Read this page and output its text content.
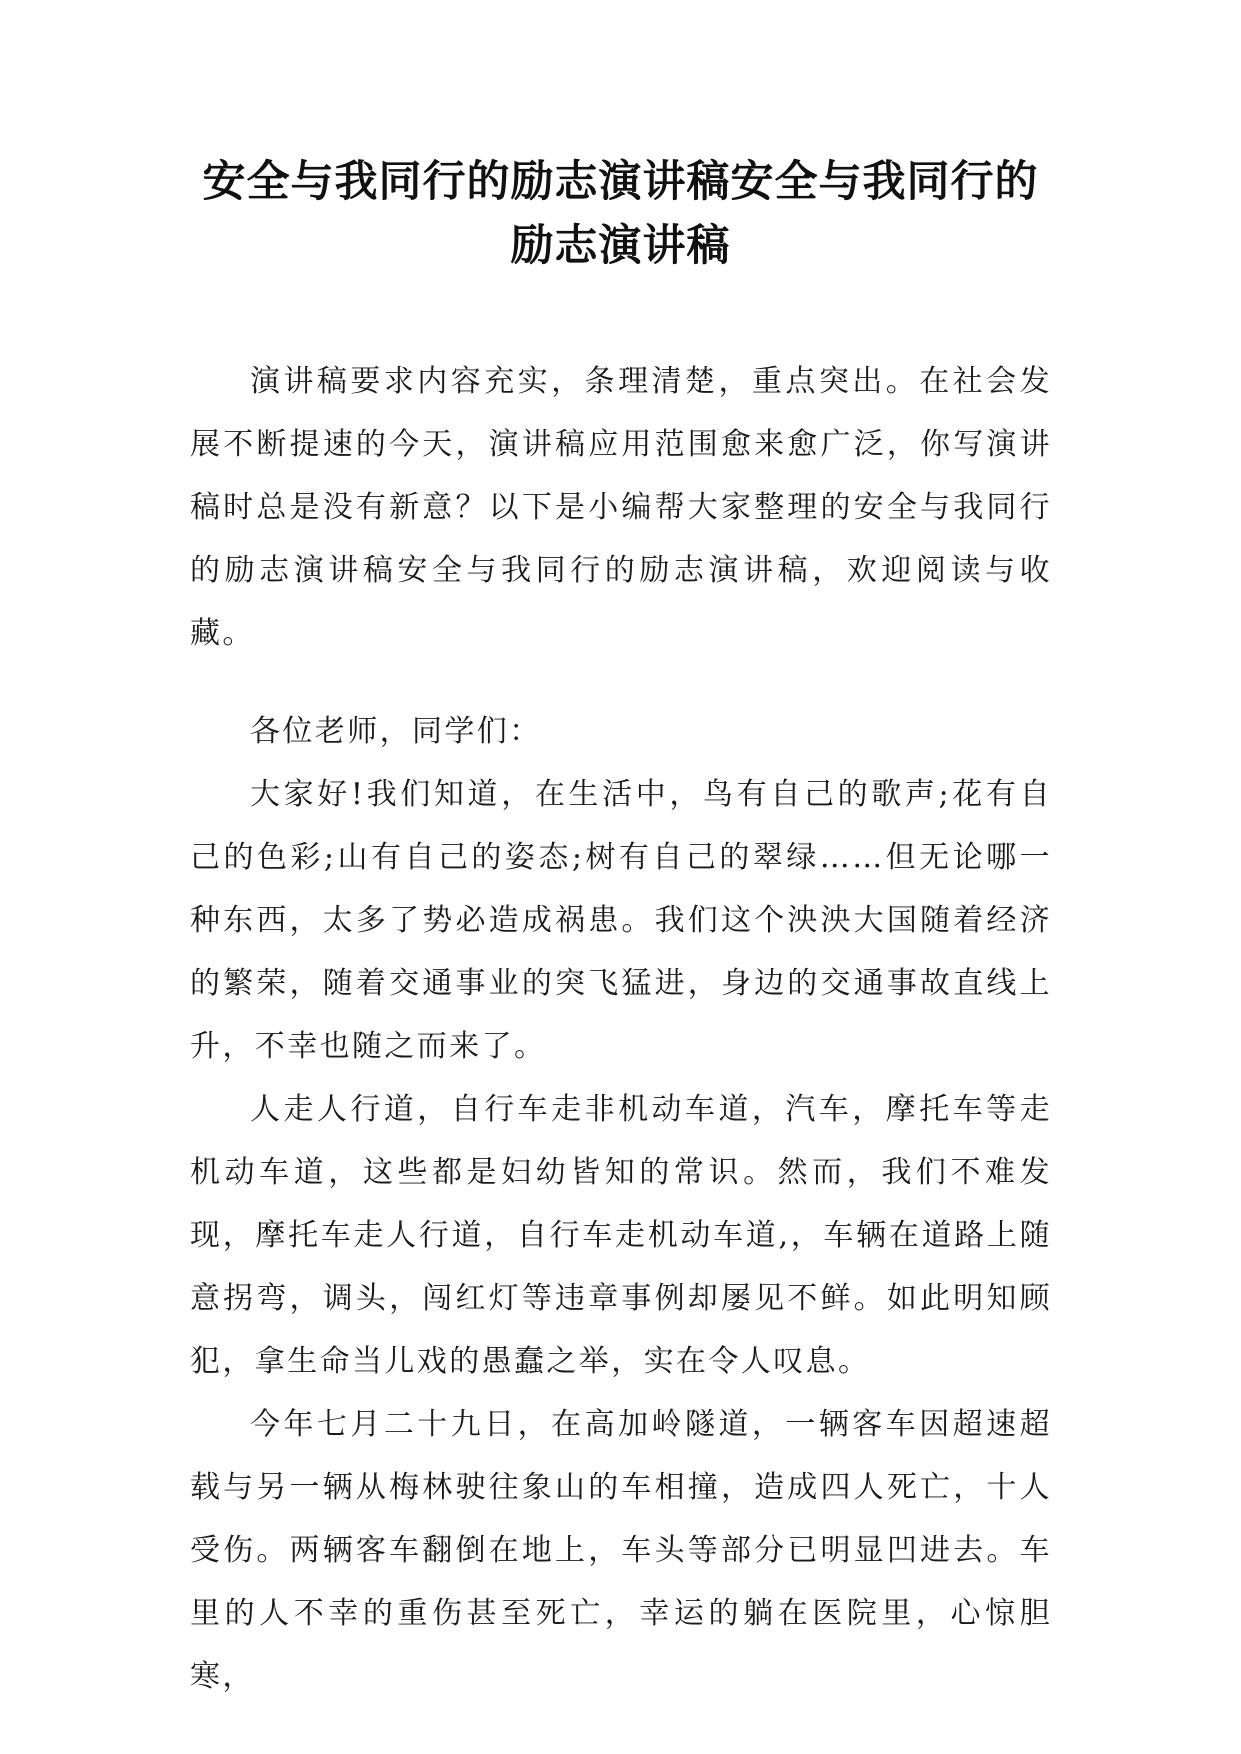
安全与我同行的励志演讲稿安全与我同行的励志演讲稿

演讲稿要求内容充实，条理清楚，重点突出。在社会发展不断提速的今天，演讲稿应用范围愈来愈广泛，你写演讲稿时总是没有新意？以下是小编帮大家整理的安全与我同行的励志演讲稿安全与我同行的励志演讲稿，欢迎阅读与收藏。

各位老师，同学们：

大家好!我们知道，在生活中，鸟有自己的歌声;花有自己的色彩;山有自己的姿态;树有自己的翠绿……但无论哪一种东西，太多了势必造成祸患。我们这个泱泱大国随着经济的繁荣，随着交通事业的突飞猛进，身边的交通事故直线上升，不幸也随之而来了。

人走人行道，自行车走非机动车道，汽车，摩托车等走机动车道，这些都是妇幼皆知的常识。然而，我们不难发现，摩托车走人行道，自行车走机动车道,，车辆在道路上随意拐弯，调头，闯红灯等违章事例却屡见不鲜。如此明知顾犯，拿生命当儿戏的愚蠢之举，实在令人叹息。

今年七月二十九日，在高加岭隧道，一辆客车因超速超载与另一辆从梅林驶往象山的车相撞，造成四人死亡，十人受伤。两辆客车翻倒在地上，车头等部分已明显凹进去。车里的人不幸的重伤甚至死亡，幸运的躺在医院里，心惊胆寒，
